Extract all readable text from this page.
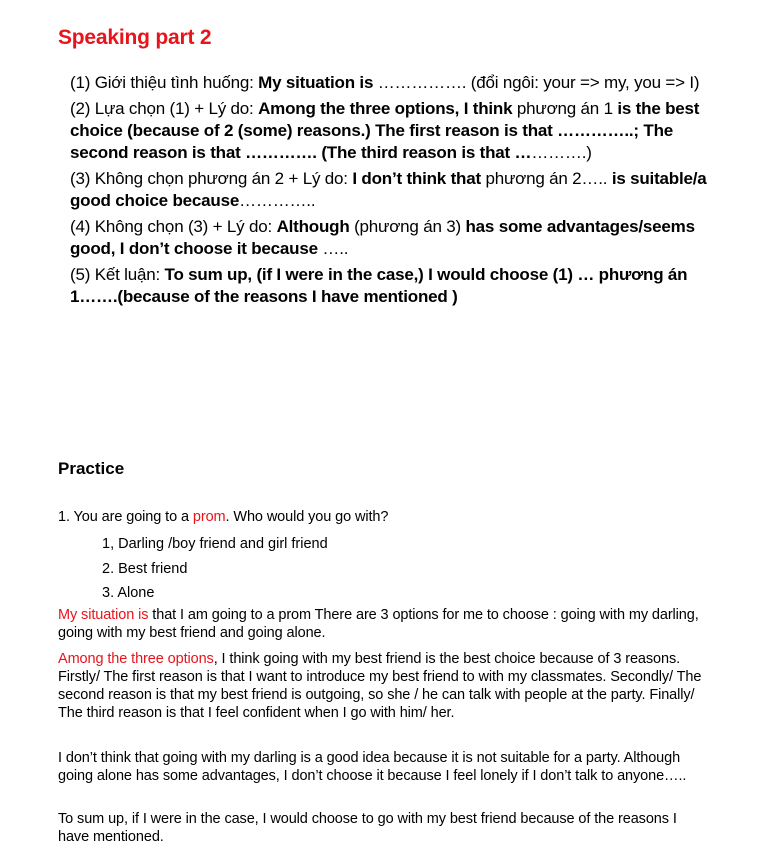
Speaking part 2

(1) Giới thiệu tình huống: My situation is ……………. (đổi ngôi: your => my, you => I)

(2) Lựa chọn (1) + Lý do: Among the three options, I think phương án 1 is the best choice (because of 2 (some) reasons.) The first reason is that …………..; The second reason is that …………. (The third reason is that ………….)

(3) Không chọn phương án 2 + Lý do: I don’t think that phương án 2….. is suitable/a good choice because…………..

(4) Không chọn (3) + Lý do: Although (phương án 3) has some advantages/seems good, I don’t choose it because …..

(5) Kết luận: To sum up, (if I were in the case,) I would choose (1) … phương án 1…….(because of the reasons I have mentioned )

Practice
1. You are going to a prom. Who would you go with?
1, Darling /boy friend and girl friend
2. Best friend
3. Alone
My situation is that I am going to a prom There are 3 options for me to choose : going with my darling, going with my best friend and going alone.
Among the three options, I think going with my best friend is the best choice because of 3 reasons. Firstly/ The first reason is that I want to introduce my best friend to with my classmates. Secondly/ The second reason is that my best friend is outgoing, so she / he can talk with people at the party. Finally/ The third reason is that I feel confident when I go with him/ her.
I don’t think that going with my darling is a good idea because it is not suitable for a party. Although going alone has some advantages, I don’t choose it because I feel lonely if I don’t talk to anyone…..
To sum up, if I were in the case, I would choose to go with my best friend because of the reasons I have mentioned.
